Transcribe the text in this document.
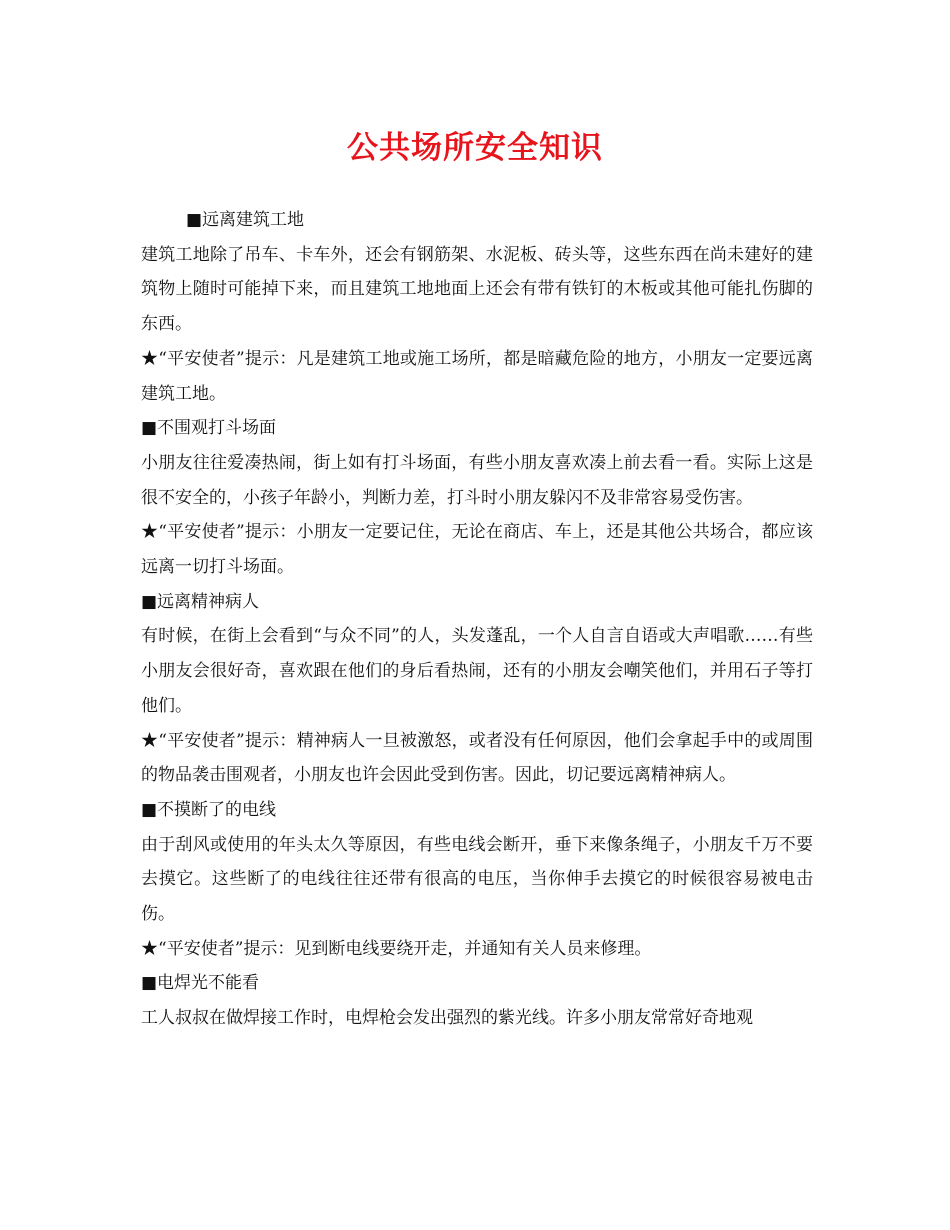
公共场所安全知识

■远离建筑工地

建筑工地除了吊车、卡车外，还会有钢筋架、水泥板、砖头等，这些东西在尚未建好的建筑物上随时可能掉下来，而且建筑工地地面上还会有带有铁钉的木板或其他可能扎伤脚的东西。

★“平安使者”提示：凡是建筑工地或施工场所，都是暗藏危险的地方，小朋友一定要远离建筑工地。

■不围观打斗场面

小朋友往往爱凑热闹，街上如有打斗场面，有些小朋友喜欢凑上前去看一看。实际上这是很不安全的，小孩子年龄小，判断力差，打斗时小朋友躲闪不及非常容易受伤害。

★“平安使者”提示：小朋友一定要记住，无论在商店、车上，还是其他公共场合，都应该远离一切打斗场面。

■远离精神病人

有时候，在街上会看到“与众不同”的人，头发蓬乱，一个人自言自语或大声唱歌……有些小朋友会很好奇，喜欢跟在他们的身后看热闹，还有的小朋友会嘲笑他们，并用石子等打他们。

★“平安使者”提示：精神病人一旦被激怒，或者没有任何原因，他们会拿起手中的或周围的物品袭击围观者，小朋友也许会因此受到伤害。因此，切记要远离精神病人。

■不摸断了的电线

由于刮风或使用的年头太久等原因，有些电线会断开，垂下来像条绳子，小朋友千万不要去摸它。这些断了的电线往往还带有很高的电压，当你伸手去摸它的时候很容易被电击伤。

★“平安使者”提示：见到断电线要绕开走，并通知有关人员来修理。

■电焊光不能看

工人叔叔在做焊接工作时，电焊枪会发出强烈的紫光线。许多小朋友常常好奇地观
